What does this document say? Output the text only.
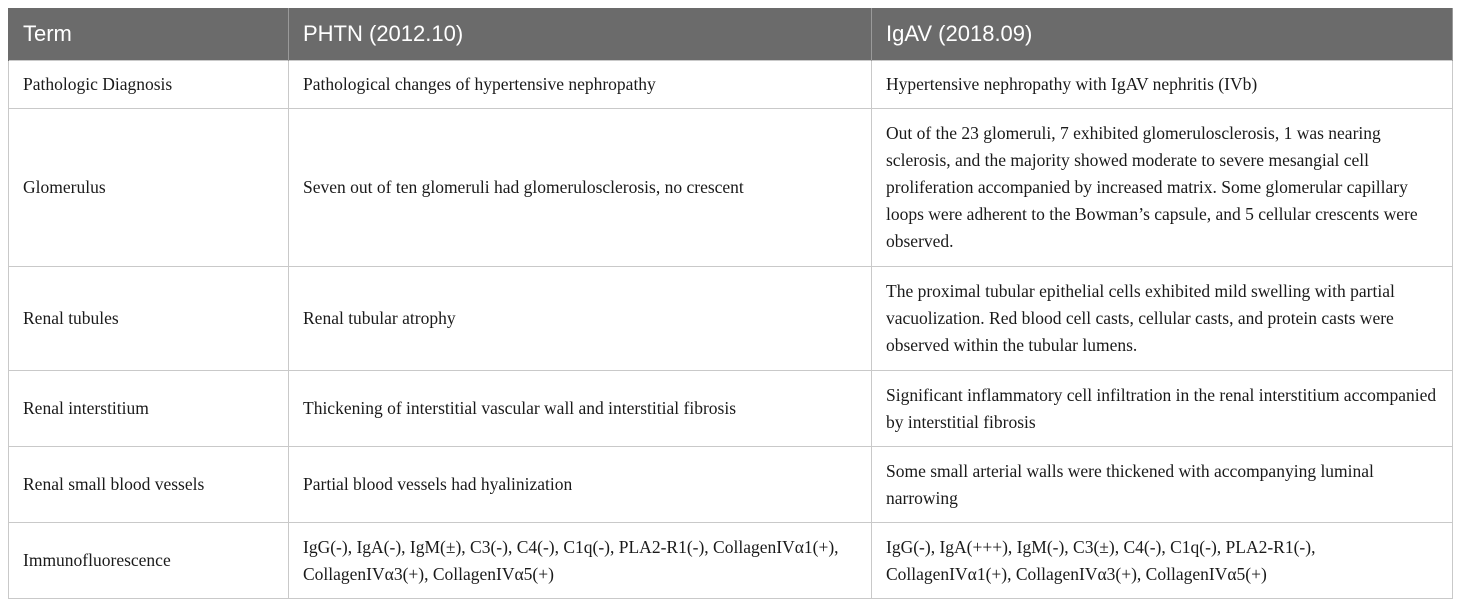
Term	PHTN (2012.10)	IgAV (2018.09)
Pathologic Diagnosis	Pathological changes of hypertensive nephropathy	Hypertensive nephropathy with IgAV nephritis (IVb)
Glomerulus	Seven out of ten glomeruli had glomerulosclerosis, no crescent	Out of the 23 glomeruli, 7 exhibited glomerulosclerosis, 1 was nearing sclerosis, and the majority showed moderate to severe mesangial cell proliferation accompanied by increased matrix. Some glomerular capillary loops were adherent to the Bowman’s capsule, and 5 cellular crescents were observed.
Renal tubules	Renal tubular atrophy	The proximal tubular epithelial cells exhibited mild swelling with partial vacuolization. Red blood cell casts, cellular casts, and protein casts were observed within the tubular lumens.
Renal interstitium	Thickening of interstitial vascular wall and interstitial fibrosis	Significant inflammatory cell infiltration in the renal interstitium accompanied by interstitial fibrosis
Renal small blood vessels	Partial blood vessels had hyalinization	Some small arterial walls were thickened with accompanying luminal narrowing
Immunofluorescence	IgG(-), IgA(-), IgM(±), C3(-), C4(-), C1q(-), PLA2-R1(-), CollagenIVα1(+), CollagenIVα3(+), CollagenIVα5(+)	IgG(-), IgA(+++), IgM(-), C3(±), C4(-), C1q(-), PLA2-R1(-), CollagenIVα1(+), CollagenIVα3(+), CollagenIVα5(+)
